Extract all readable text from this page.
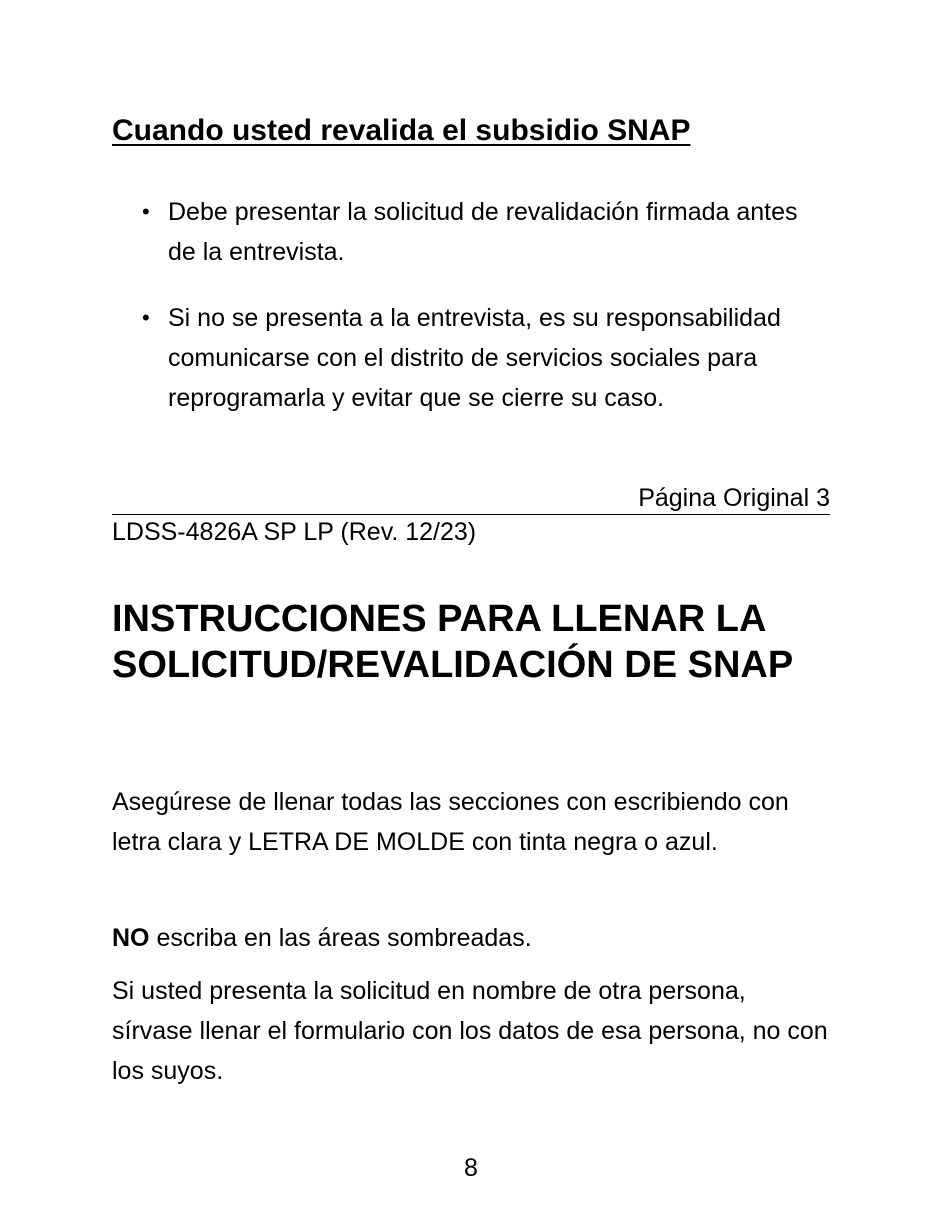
Cuando usted revalida el subsidio SNAP
• Debe presentar la solicitud de revalidación firmada antes de la entrevista.
• Si no se presenta a la entrevista, es su responsabilidad comunicarse con el distrito de servicios sociales para reprogramarla y evitar que se cierre su caso.
Página Original 3
LDSS-4826A SP LP (Rev. 12/23)
INSTRUCCIONES PARA LLENAR LA SOLICITUD/REVALIDACIÓN DE SNAP

Asegúrese de llenar todas las secciones con escribiendo con letra clara y LETRA DE MOLDE con tinta negra o azul.

NO escriba en las áreas sombreadas.

Si usted presenta la solicitud en nombre de otra persona, sírvase llenar el formulario con los datos de esa persona, no con los suyos.

8
